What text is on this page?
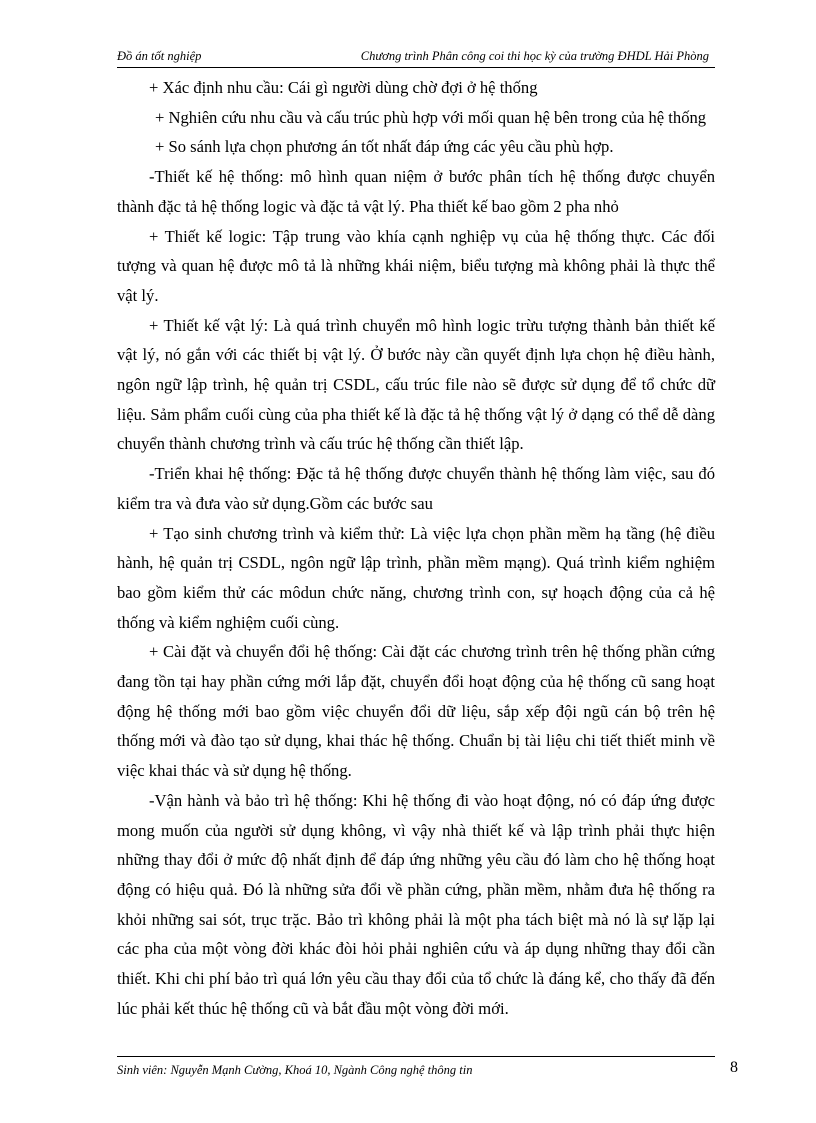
Đồ án tốt nghiệp	Chương trình Phân công coi thi học kỳ của trường ĐHDL Hải Phòng

+ Xác định nhu cầu: Cái gì người dùng chờ đợi ở hệ thống

+ Nghiên cứu nhu cầu và cấu trúc phù hợp với mối quan hệ bên trong của hệ thống

+ So sánh lựa chọn phương án tốt nhất đáp ứng các yêu cầu phù hợp.

-Thiết kế hệ thống: mô hình quan niệm ở bước phân tích hệ thống được chuyển thành đặc tả hệ thống logic và đặc tả vật lý. Pha thiết kế bao gồm 2 pha nhỏ

+ Thiết kế logic: Tập trung vào khía cạnh nghiệp vụ của hệ thống thực. Các đối tượng và quan hệ được mô tả là những khái niệm, biểu tượng mà không phải là thực thể vật lý.

+ Thiết kế vật lý: Là quá trình chuyển mô hình logic trừu tượng thành bản thiết kế vật lý, nó gắn với các thiết bị vật lý. Ở bước này cần quyết định lựa chọn hệ điều hành, ngôn ngữ lập trình, hệ quản trị CSDL, cấu trúc file nào sẽ được sử dụng để tổ chức dữ liệu. Sảm phẩm cuối cùng của pha thiết kế là đặc tả hệ thống vật lý ở dạng có thể dễ dàng chuyển thành chương trình và cấu trúc hệ thống cần thiết lập.

-Triển khai hệ thống: Đặc tả hệ thống được chuyển thành hệ thống làm việc, sau đó kiểm tra và đưa vào sử dụng.Gồm các bước sau

+ Tạo sinh chương trình và kiểm thử: Là việc lựa chọn phần mềm hạ tầng (hệ điều hành, hệ quản trị CSDL, ngôn ngữ lập trình, phần mềm mạng). Quá trình kiểm nghiệm bao gồm kiểm thử các môdun chức năng, chương trình con, sự hoạch động của cả hệ thống và kiểm nghiệm cuối cùng.

+ Cài đặt và chuyển đổi hệ thống: Cài đặt các chương trình trên hệ thống phần cứng đang tồn tại hay phần cứng mới lắp đặt, chuyển đổi hoạt động của hệ thống cũ sang hoạt động hệ thống mới bao gồm việc chuyển đổi dữ liệu, sắp xếp đội ngũ cán bộ trên hệ thống mới và đào tạo sử dụng, khai thác hệ thống. Chuẩn bị tài liệu chi tiết thiết minh về việc khai thác và sử dụng hệ thống.

-Vận hành và bảo trì hệ thống: Khi hệ thống đi vào hoạt động, nó có đáp ứng được mong muốn của người sử dụng không, vì vậy nhà thiết kế và lập trình phải thực hiện những thay đổi ở mức độ nhất định để đáp ứng những yêu cầu đó làm cho hệ thống hoạt động có hiệu quả. Đó là những sửa đổi về phần cứng, phần mềm, nhằm đưa hệ thống ra khỏi những sai sót, trục trặc. Bảo trì không phải là một pha tách biệt mà nó là sự lặp lại các pha của một vòng đời khác đòi hỏi phải nghiên cứu và áp dụng những thay đổi cần thiết. Khi chi phí bảo trì quá lớn yêu cầu thay đổi của tổ chức là đáng kể, cho thấy đã đến lúc phải kết thúc hệ thống cũ và bắt đầu một vòng đời mới.

Sinh viên: Nguyễn Mạnh Cường, Khoá 10, Ngành Công nghệ thông tin	8
